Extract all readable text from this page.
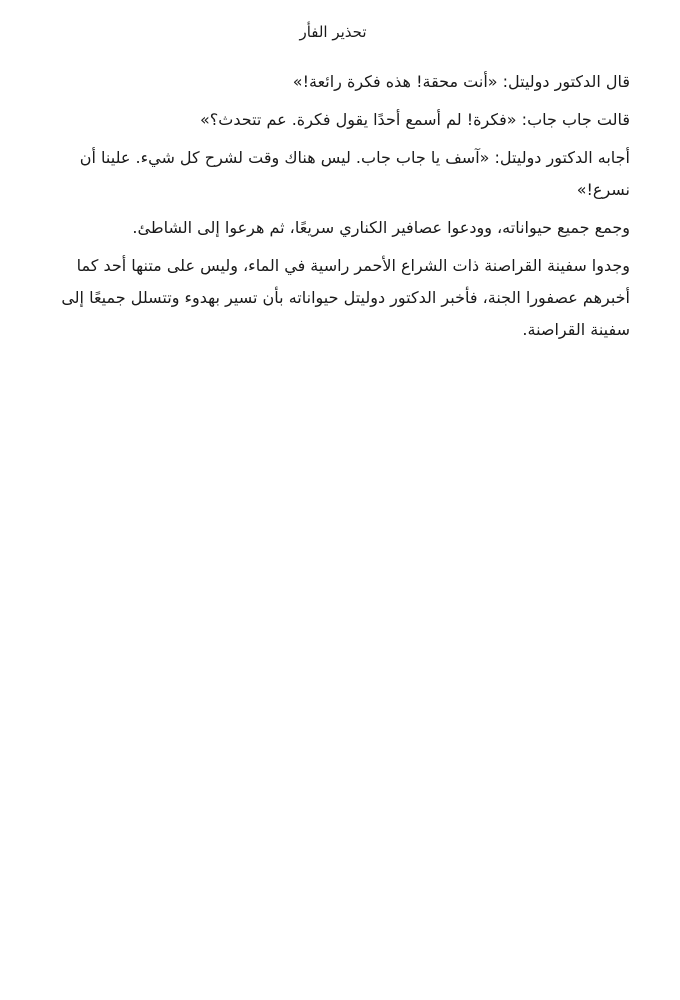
تحذير الفأر

قال الدكتور دوليتل: «أنت محقة! هذه فكرة رائعة!»

قالت جاب جاب: «فكرة! لم أسمع أحدًا يقول فكرة. عم تتحدث؟»

أجابه الدكتور دوليتل: «آسف يا جاب جاب. ليس هناك وقت لشرح كل شيء. علينا أن نسرع!»

وجمع جميع حيواناته، وودعوا عصافير الكناري سريعًا، ثم هرعوا إلى الشاطئ.

وجدوا سفينة القراصنة ذات الشراع الأحمر راسية في الماء، وليس على متنها أحد كما أخبرهم عصفورا الجنة، فأخبر الدكتور دوليتل حيواناته بأن تسير بهدوء وتتسلل جميعًا إلى سفينة القراصنة.
